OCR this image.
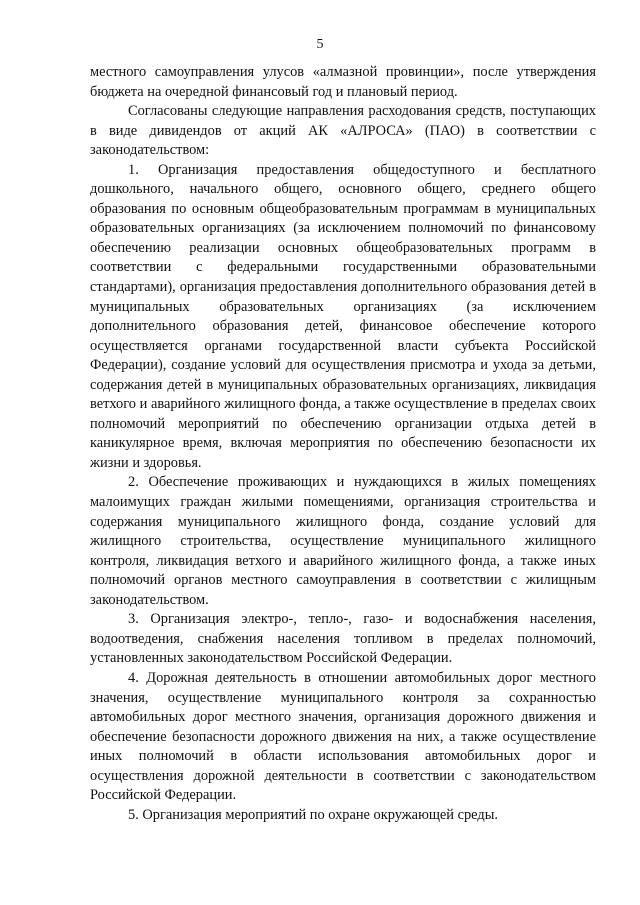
5

местного самоуправления улусов «алмазной провинции», после утверждения бюджета на очередной финансовый год и плановый период.

Согласованы следующие направления расходования средств, поступающих в виде дивидендов от акций АК «АЛРОСА» (ПАО) в соответствии с законодательством:

1. Организация предоставления общедоступного и бесплатного дошкольного, начального общего, основного общего, среднего общего образования по основным общеобразовательным программам в муниципальных образовательных организациях (за исключением полномочий по финансовому обеспечению реализации основных общеобразовательных программ в соответствии с федеральными государственными образовательными стандартами), организация предоставления дополнительного образования детей в муниципальных образовательных организациях (за исключением дополнительного образования детей, финансовое обеспечение которого осуществляется органами государственной власти субъекта Российской Федерации), создание условий для осуществления присмотра и ухода за детьми, содержания детей в муниципальных образовательных организациях, ликвидация ветхого и аварийного жилищного фонда, а также осуществление в пределах своих полномочий мероприятий по обеспечению организации отдыха детей в каникулярное время, включая мероприятия по обеспечению безопасности их жизни и здоровья.

2. Обеспечение проживающих и нуждающихся в жилых помещениях малоимущих граждан жилыми помещениями, организация строительства и содержания муниципального жилищного фонда, создание условий для жилищного строительства, осуществление муниципального жилищного контроля, ликвидация ветхого и аварийного жилищного фонда, а также иных полномочий органов местного самоуправления в соответствии с жилищным законодательством.

3. Организация электро-, тепло-, газо- и водоснабжения населения, водоотведения, снабжения населения топливом в пределах полномочий, установленных законодательством Российской Федерации.

4. Дорожная деятельность в отношении автомобильных дорог местного значения, осуществление муниципального контроля за сохранностью автомобильных дорог местного значения, организация дорожного движения и обеспечение безопасности дорожного движения на них, а также осуществление иных полномочий в области использования автомобильных дорог и осуществления дорожной деятельности в соответствии с законодательством Российской Федерации.

5. Организация мероприятий по охране окружающей среды.
